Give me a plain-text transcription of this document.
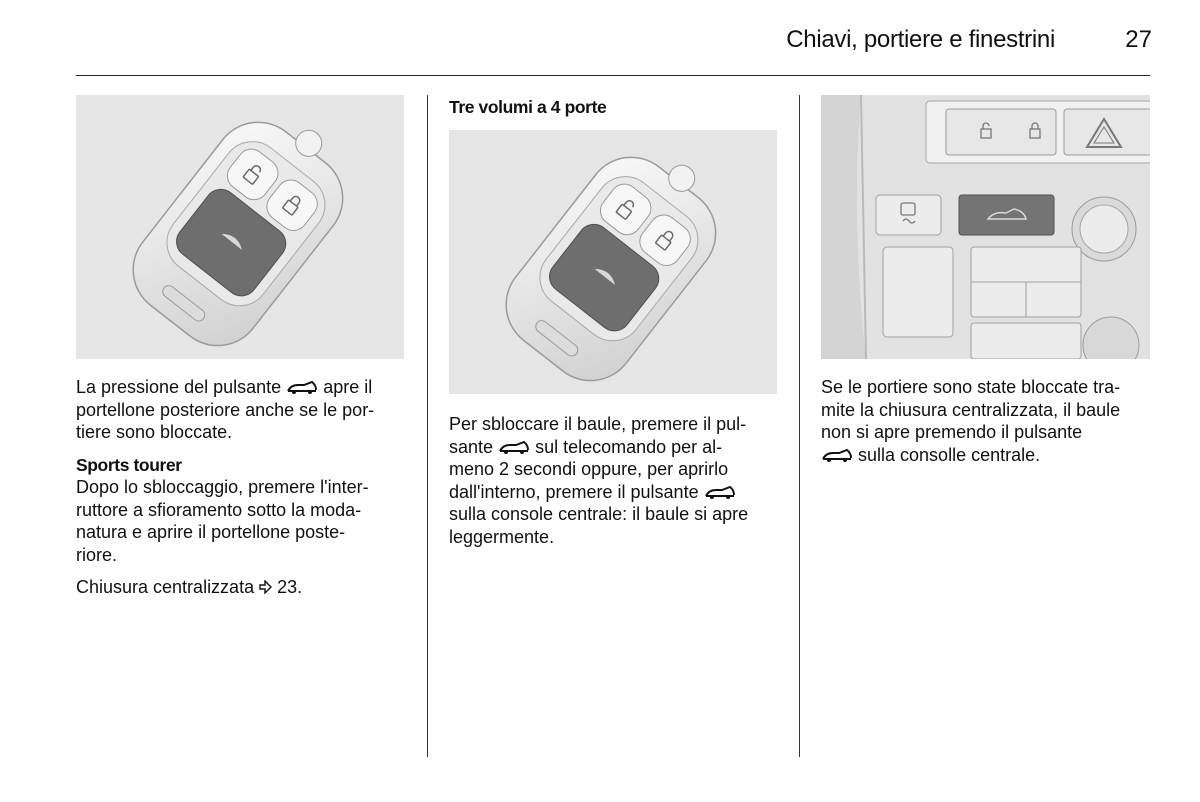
Chiavi, portiere e finestrini	27

La pressione del pulsante apre il
portellone posteriore anche se le por-
tiere sono bloccate.

Sports tourer

Dopo lo sbloccaggio, premere l'inter-
ruttore a sfioramento sotto la moda-
natura e aprire il portellone poste-
riore.

Chiusura centralizzata 23.

Tre volumi a 4 porte

Per sbloccare il baule, premere il pul-
sante sul telecomando per al-
meno 2 secondi oppure, per aprirlo
dall'interno, premere il pulsante
sulla console centrale: il baule si apre
leggermente.

Se le portiere sono state bloccate tra-
mite la chiusura centralizzata, il baule
non si apre premendo il pulsante
sulla consolle centrale.
